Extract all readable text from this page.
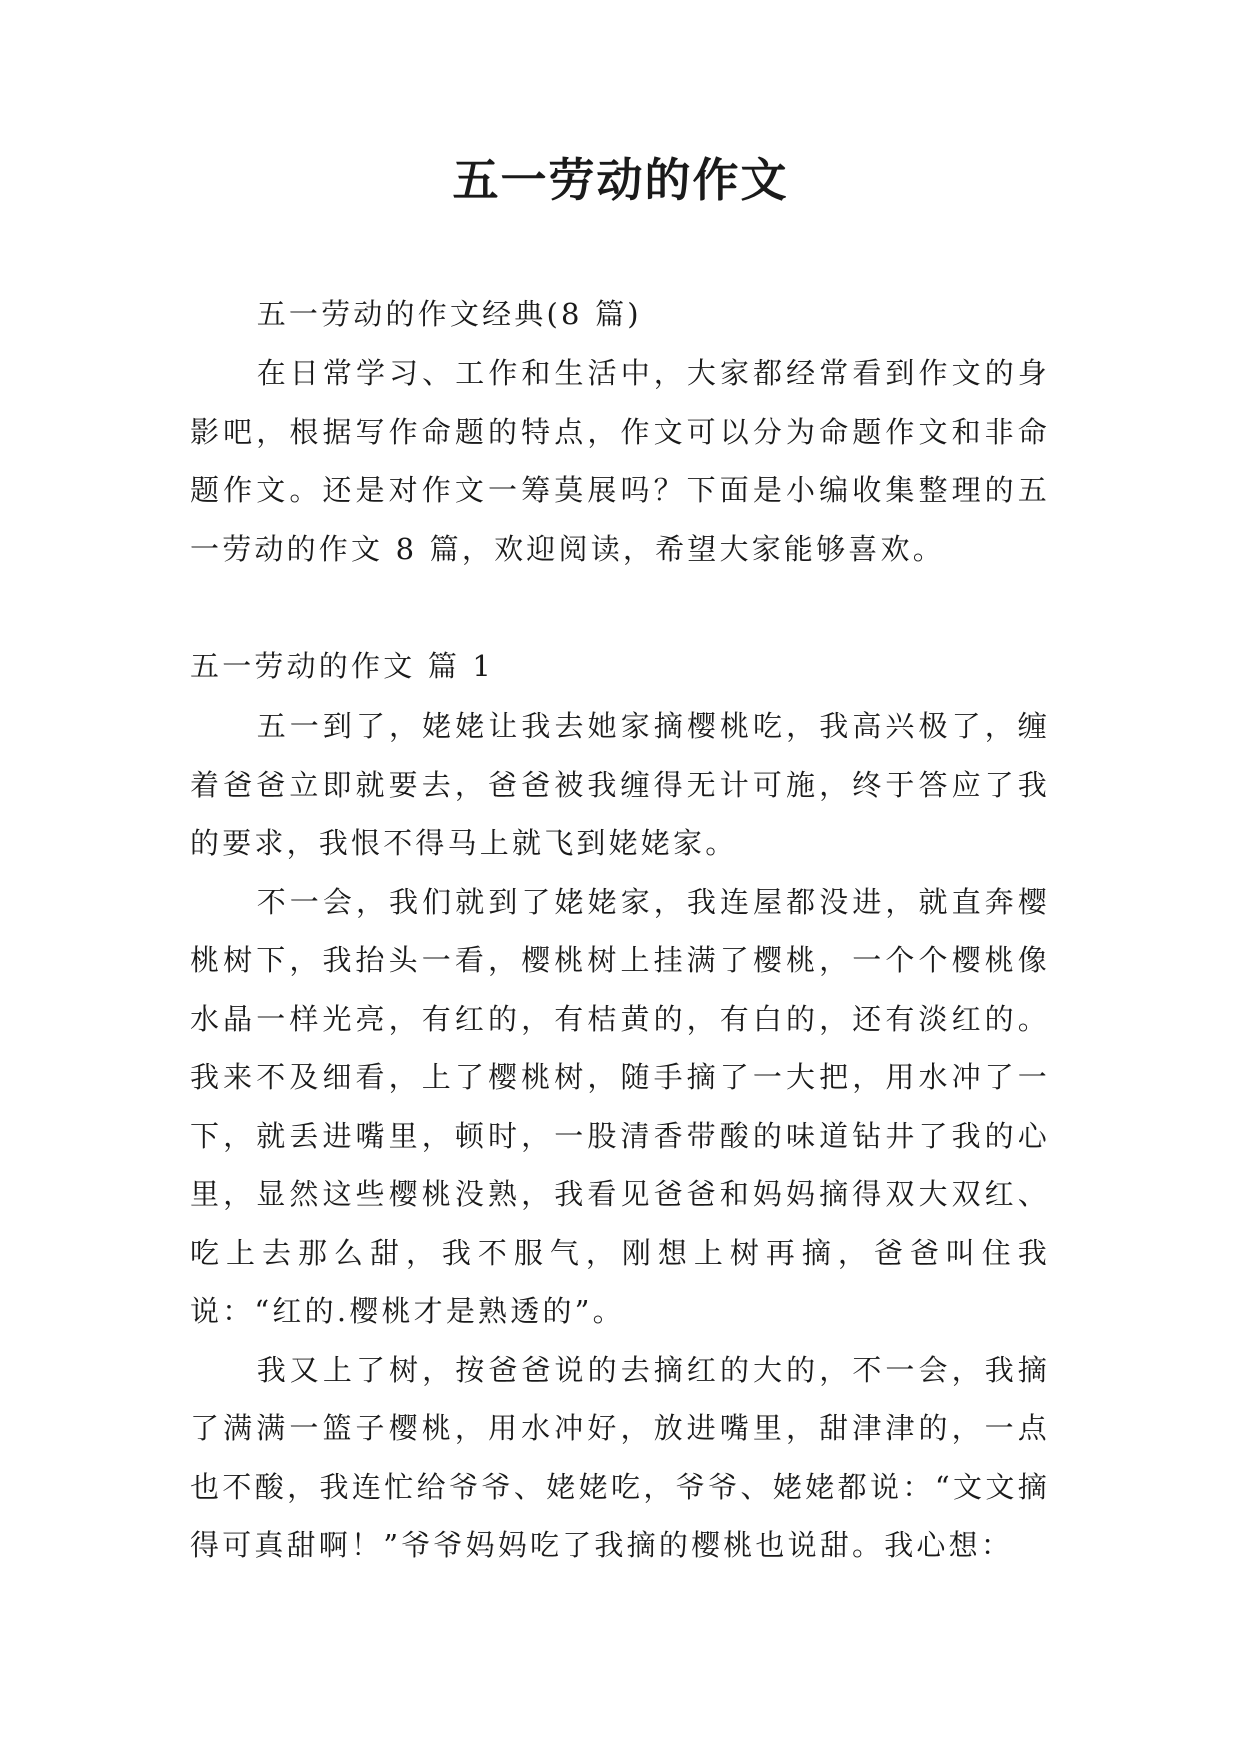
五一劳动的作文

五一劳动的作文经典(8 篇)

在日常学习、工作和生活中，大家都经常看到作文的身影吧，根据写作命题的特点，作文可以分为命题作文和非命题作文。还是对作文一筹莫展吗？下面是小编收集整理的五一劳动的作文 8 篇，欢迎阅读，希望大家能够喜欢。

五一劳动的作文 篇 1

五一到了，姥姥让我去她家摘樱桃吃，我高兴极了，缠着爸爸立即就要去，爸爸被我缠得无计可施，终于答应了我的要求，我恨不得马上就飞到姥姥家。

不一会，我们就到了姥姥家，我连屋都没进，就直奔樱桃树下，我抬头一看，樱桃树上挂满了樱桃，一个个樱桃像水晶一样光亮，有红的，有桔黄的，有白的，还有淡红的。我来不及细看，上了樱桃树，随手摘了一大把，用水冲了一下，就丢进嘴里，顿时，一股清香带酸的味道钻井了我的心里，显然这些樱桃没熟，我看见爸爸和妈妈摘得双大双红、吃上去那么甜，我不服气，刚想上树再摘，爸爸叫住我说：“红的.樱桃才是熟透的”。

我又上了树，按爸爸说的去摘红的大的，不一会，我摘了满满一篮子樱桃，用水冲好，放进嘴里，甜津津的，一点也不酸，我连忙给爷爷、姥姥吃，爷爷、姥姥都说：“文文摘得可真甜啊！”爷爷妈妈吃了我摘的樱桃也说甜。我心想：
